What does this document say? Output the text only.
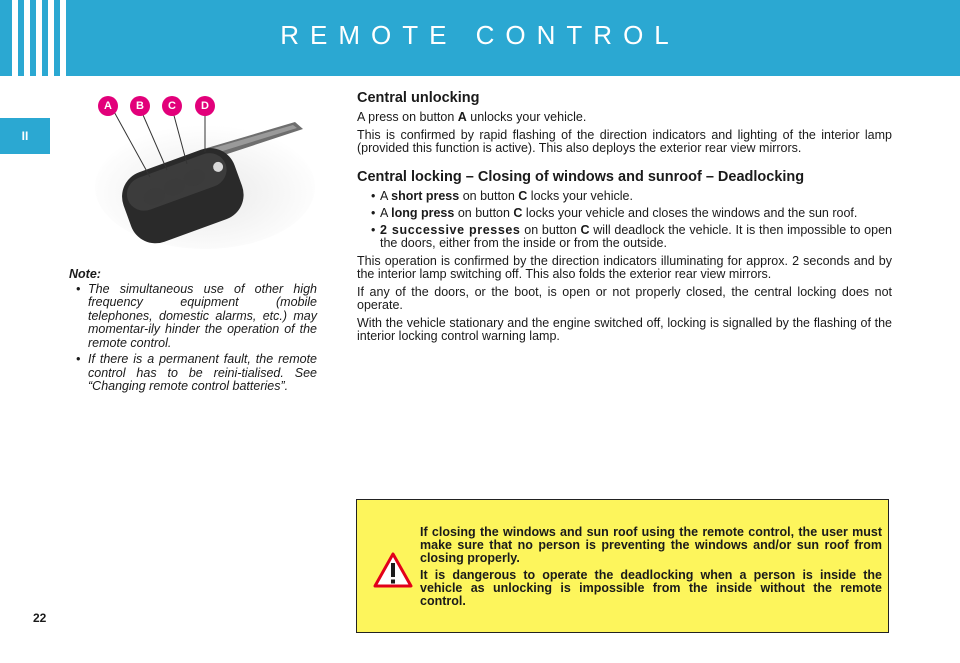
REMOTE CONTROL
II
22
A	B	C	D
Note:
• The simultaneous use of other high frequency equipment (mobile telephones, domestic alarms, etc.) may momentar-ily hinder the operation of the remote control.
• If there is a permanent fault, the remote control has to be reini-tialised. See “Changing remote control batteries”.
Central unlocking

A press on button A unlocks your vehicle.

This is confirmed by rapid flashing of the direction indicators and lighting of the interior lamp (provided this function is active). This also deploys the exterior rear view mirrors.

Central locking – Closing of windows and sunroof – Deadlocking
• A short press on button C locks your vehicle.
• A long press on button C locks your vehicle and closes the windows and the sun roof.
• 2 successive presses on button C will deadlock the vehicle. It is then impossible to open the doors, either from the inside or from the outside.

This operation is confirmed by the direction indicators illuminating for approx. 2 seconds and by the interior lamp switching off. This also folds the exterior rear view mirrors.

If any of the doors, or the boot, is open or not properly closed, the central locking does not operate.

With the vehicle stationary and the engine switched off, locking is signalled by the flashing of the interior locking control warning lamp.

If closing the windows and sun roof using the remote control, the user must make sure that no person is preventing the windows and/or sun roof from closing properly.

It is dangerous to operate the deadlocking when a person is inside the vehicle as unlocking is impossible from the inside without the remote control.
